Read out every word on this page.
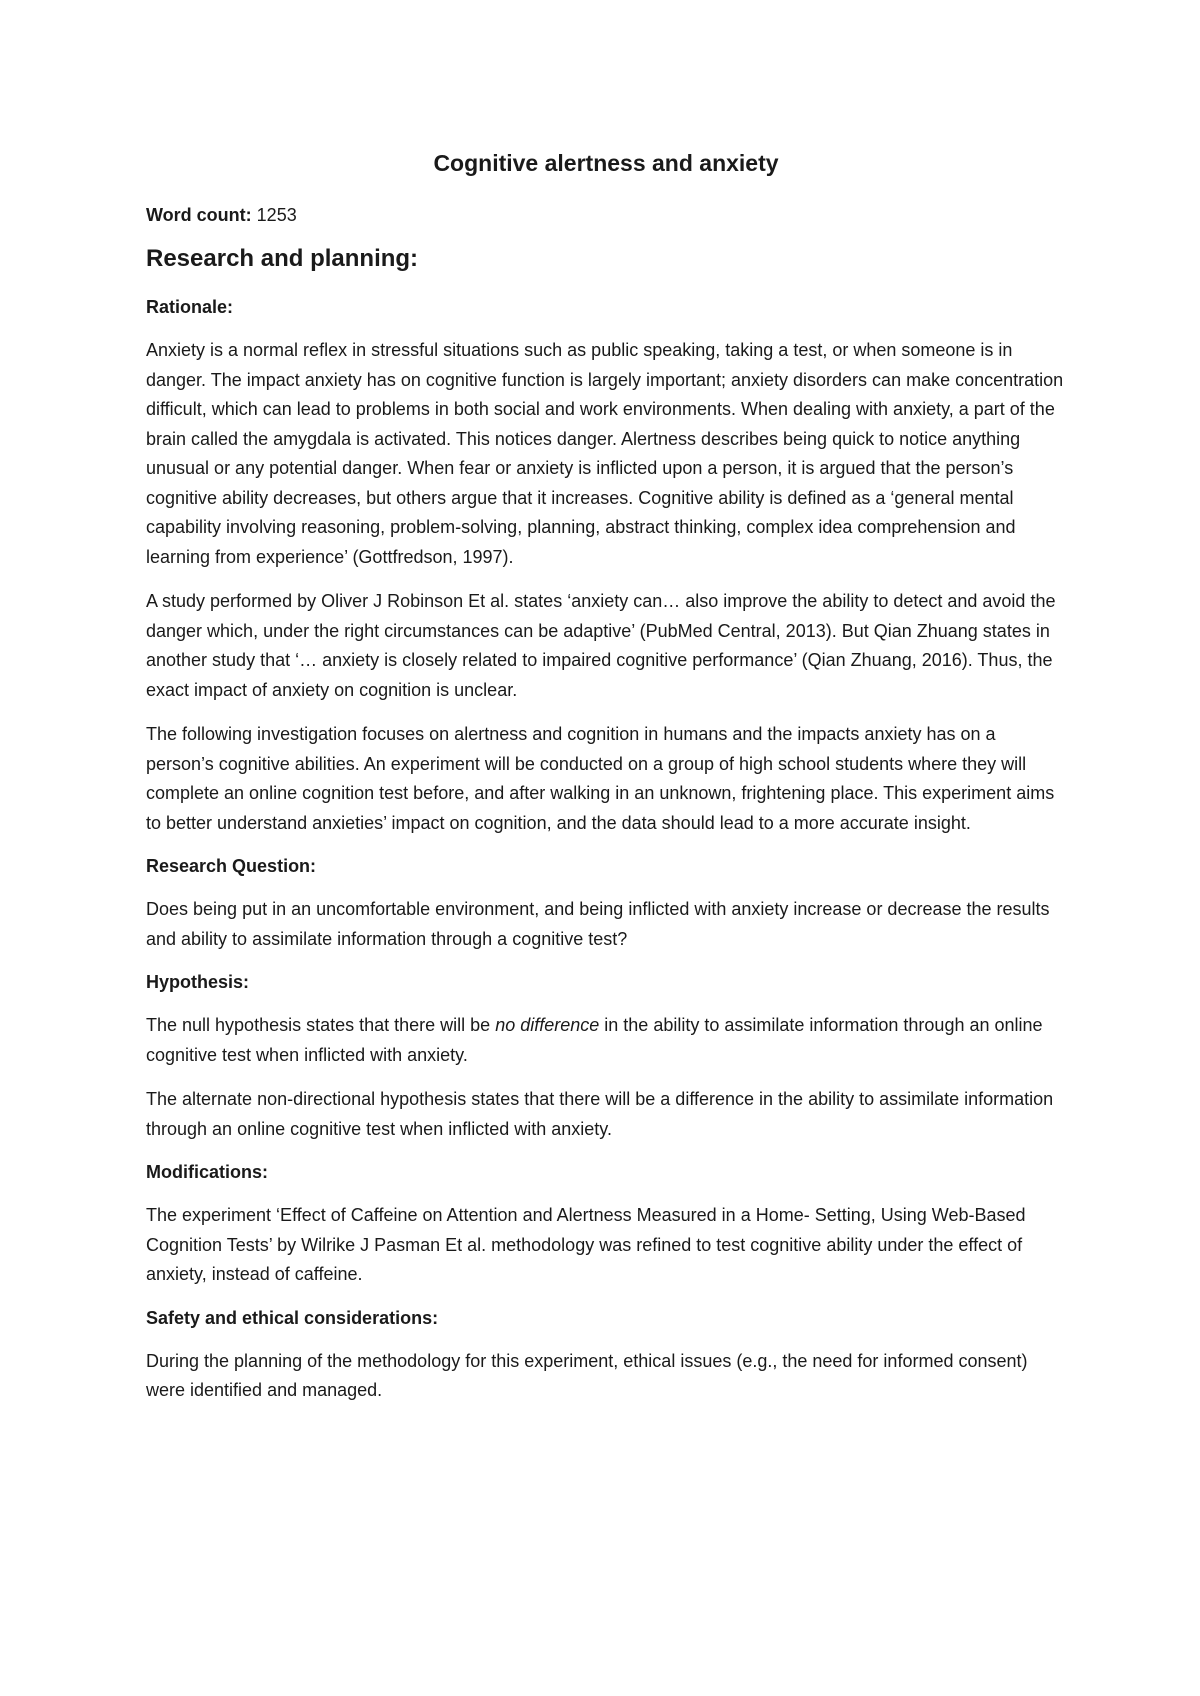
Cognitive alertness and anxiety
Word count: 1253
Research and planning:
Rationale:

Anxiety is a normal reflex in stressful situations such as public speaking, taking a test, or when someone is in danger. The impact anxiety has on cognitive function is largely important; anxiety disorders can make concentration difficult, which can lead to problems in both social and work environments. When dealing with anxiety, a part of the brain called the amygdala is activated. This notices danger. Alertness describes being quick to notice anything unusual or any potential danger. When fear or anxiety is inflicted upon a person, it is argued that the person’s cognitive ability decreases, but others argue that it increases. Cognitive ability is defined as a ‘general mental capability involving reasoning, problem-solving, planning, abstract thinking, complex idea comprehension and learning from experience’ (Gottfredson, 1997).

A study performed by Oliver J Robinson Et al. states ‘anxiety can… also improve the ability to detect and avoid the danger which, under the right circumstances can be adaptive’ (PubMed Central, 2013). But Qian Zhuang states in another study that ‘… anxiety is closely related to impaired cognitive performance’ (Qian Zhuang, 2016). Thus, the exact impact of anxiety on cognition is unclear.

The following investigation focuses on alertness and cognition in humans and the impacts anxiety has on a person’s cognitive abilities. An experiment will be conducted on a group of high school students where they will complete an online cognition test before, and after walking in an unknown, frightening place. This experiment aims to better understand anxieties’ impact on cognition, and the data should lead to a more accurate insight.

Research Question:

Does being put in an uncomfortable environment, and being inflicted with anxiety increase or decrease the results and ability to assimilate information through a cognitive test?

Hypothesis:

The null hypothesis states that there will be no difference in the ability to assimilate information through an online cognitive test when inflicted with anxiety.

The alternate non-directional hypothesis states that there will be a difference in the ability to assimilate information through an online cognitive test when inflicted with anxiety.

Modifications:

The experiment ‘Effect of Caffeine on Attention and Alertness Measured in a Home- Setting, Using Web-Based Cognition Tests’ by Wilrike J Pasman Et al. methodology was refined to test cognitive ability under the effect of anxiety, instead of caffeine.

Safety and ethical considerations:

During the planning of the methodology for this experiment, ethical issues (e.g., the need for informed consent) were identified and managed.
